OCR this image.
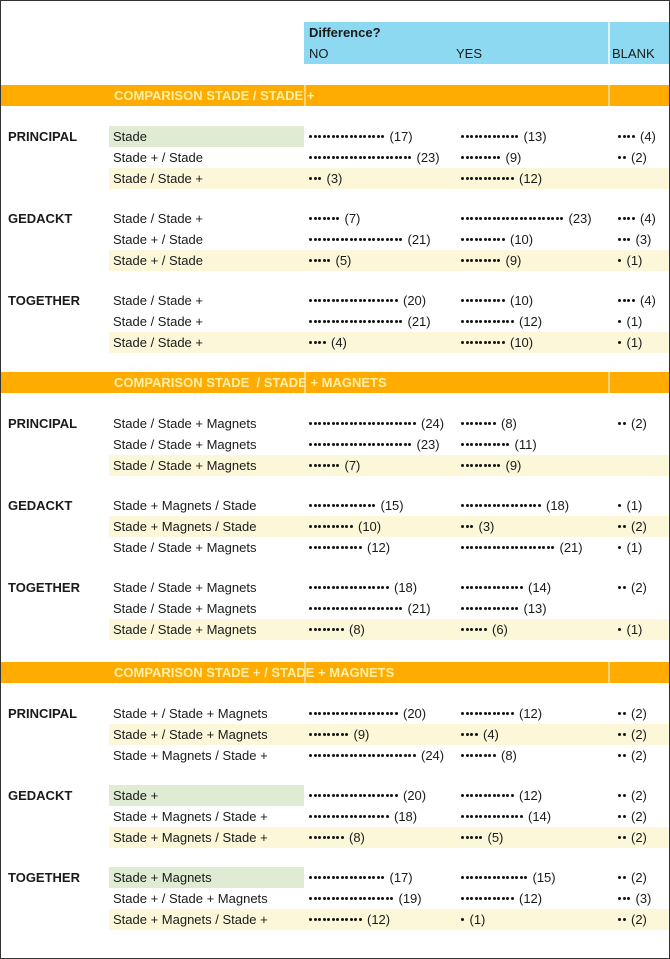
Difference?
NO	YES	BLANK
COMPARISON STADE / STADE +
PRINCIPAL	Stade	(17)	(13)	(4)
Stade + / Stade	(23)	(9)	(2)
Stade / Stade +	(3)	(12)
GEDACKT	Stade / Stade +	(7)	(23)	(4)
Stade + / Stade	(21)	(10)	(3)
Stade + / Stade	(5)	(9)	(1)
TOGETHER	Stade / Stade +	(20)	(10)	(4)
Stade / Stade +	(21)	(12)	(1)
Stade / Stade +	(4)	(10)	(1)
COMPARISON STADE  / STADE + MAGNETS
PRINCIPAL	Stade / Stade + Magnets	(24)	(8)	(2)
Stade / Stade + Magnets	(23)	(11)
Stade / Stade + Magnets	(7)	(9)
GEDACKT	Stade + Magnets / Stade	(15)	(18)	(1)
Stade + Magnets / Stade	(10)	(3)	(2)
Stade / Stade + Magnets	(12)	(21)	(1)
TOGETHER	Stade / Stade + Magnets	(18)	(14)	(2)
Stade / Stade + Magnets	(21)	(13)
Stade / Stade + Magnets	(8)	(6)	(1)
COMPARISON STADE + / STADE + MAGNETS
PRINCIPAL	Stade + / Stade + Magnets	(20)	(12)	(2)
Stade + / Stade + Magnets	(9)	(4)	(2)
Stade + Magnets / Stade +	(24)	(8)	(2)
GEDACKT	Stade +	(20)	(12)	(2)
Stade + Magnets / Stade +	(18)	(14)	(2)
Stade + Magnets / Stade +	(8)	(5)	(2)
TOGETHER	Stade + Magnets	(17)	(15)	(2)
Stade + / Stade + Magnets	(19)	(12)	(3)
Stade + Magnets / Stade +	(12)	(1)	(2)
